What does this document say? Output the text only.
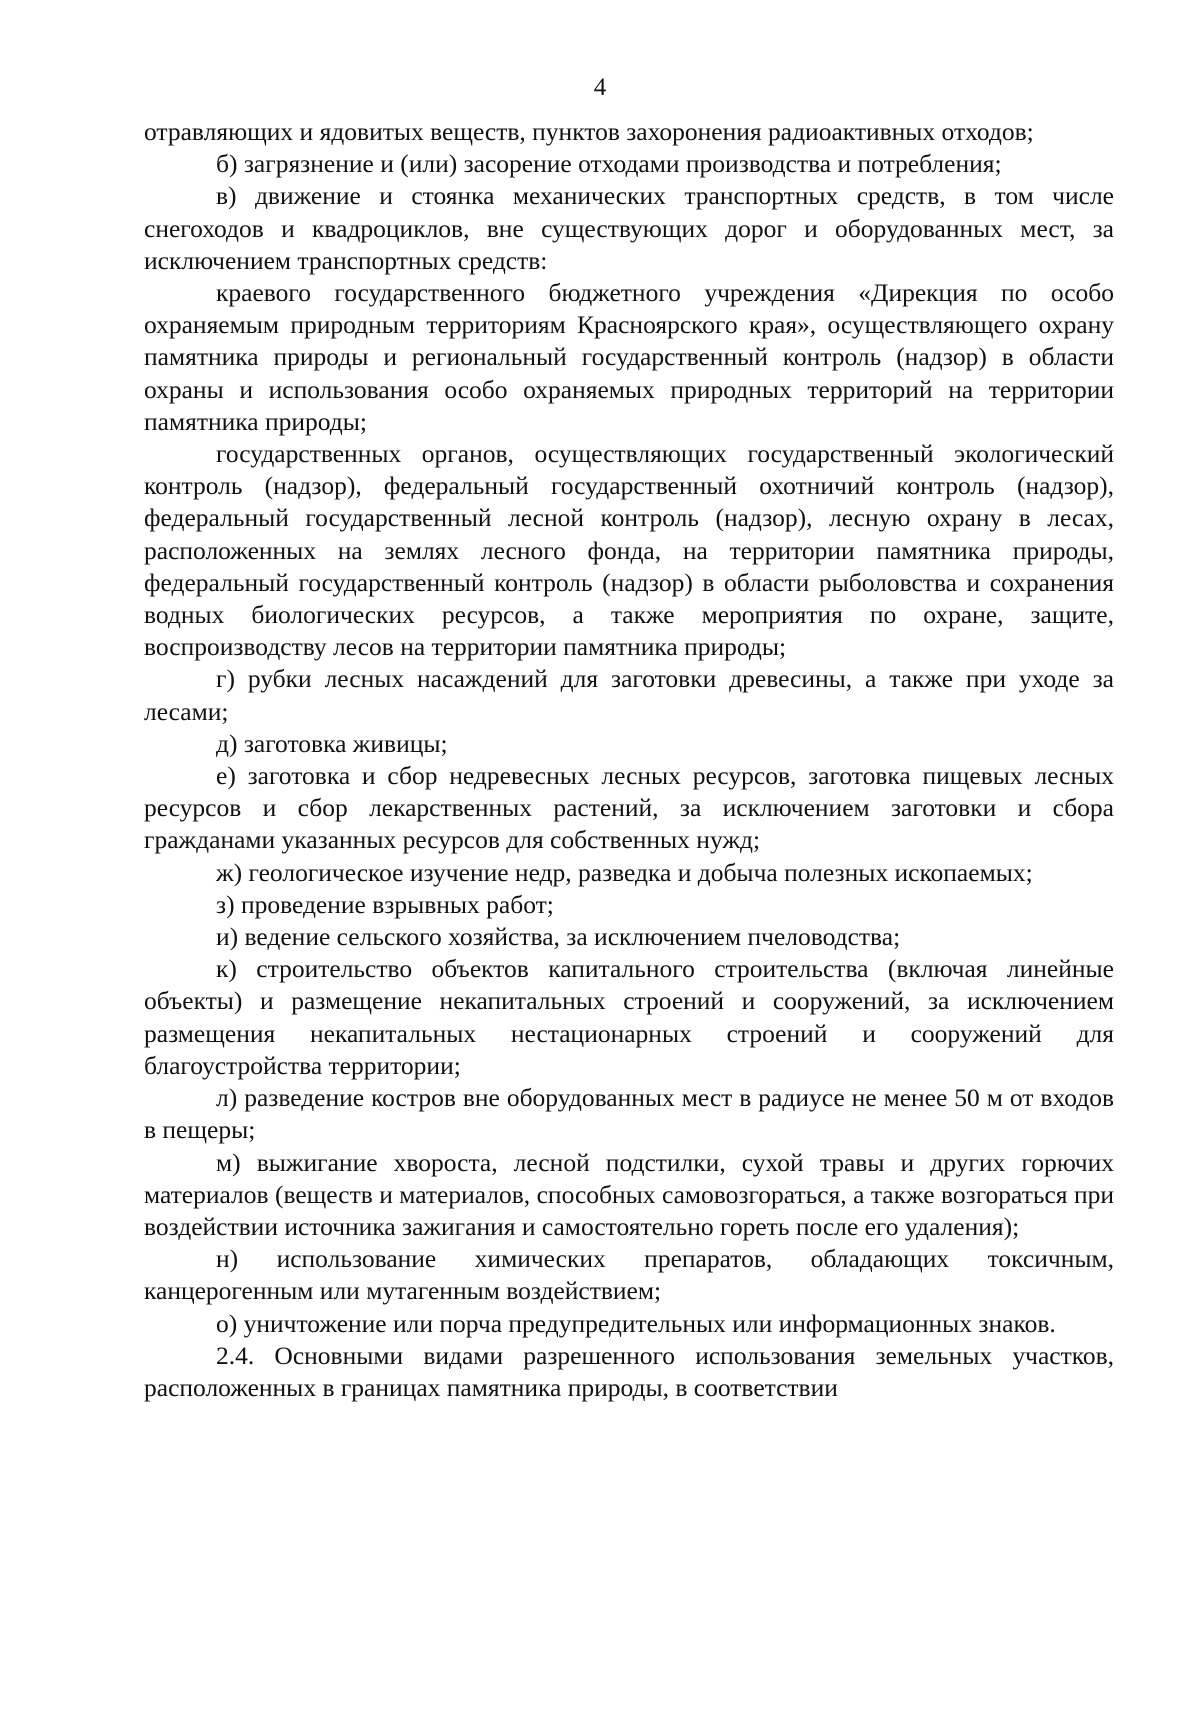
4

отравляющих и ядовитых веществ, пунктов захоронения радиоактивных отходов;

б) загрязнение и (или) засорение отходами производства и потребления;

в) движение и стоянка механических транспортных средств, в том числе снегоходов и квадроциклов, вне существующих дорог и оборудованных мест, за исключением транспортных средств:

краевого государственного бюджетного учреждения «Дирекция по особо охраняемым природным территориям Красноярского края», осуществляющего охрану памятника природы и региональный государственный контроль (надзор) в области охраны и использования особо охраняемых природных территорий на территории памятника природы;

государственных органов, осуществляющих государственный экологический контроль (надзор), федеральный государственный охотничий контроль (надзор), федеральный государственный лесной контроль (надзор), лесную охрану в лесах, расположенных на землях лесного фонда, на территории памятника природы, федеральный государственный контроль (надзор) в области рыболовства и сохранения водных биологических ресурсов, а также мероприятия по охране, защите, воспроизводству лесов на территории памятника природы;

г) рубки лесных насаждений для заготовки древесины, а также при уходе за лесами;

д) заготовка живицы;

е) заготовка и сбор недревесных лесных ресурсов, заготовка пищевых лесных ресурсов и сбор лекарственных растений, за исключением заготовки и сбора гражданами указанных ресурсов для собственных нужд;

ж) геологическое изучение недр, разведка и добыча полезных ископаемых;

з) проведение взрывных работ;

и) ведение сельского хозяйства, за исключением пчеловодства;

к) строительство объектов капитального строительства (включая линейные объекты) и размещение некапитальных строений и сооружений, за исключением размещения некапитальных нестационарных строений и сооружений для благоустройства территории;

л) разведение костров вне оборудованных мест в радиусе не менее 50 м от входов в пещеры;

м) выжигание хвороста, лесной подстилки, сухой травы и других горючих материалов (веществ и материалов, способных самовозгораться, а также возгораться при воздействии источника зажигания и самостоятельно гореть после его удаления);

н) использование химических препаратов, обладающих токсичным, канцерогенным или мутагенным воздействием;

о) уничтожение или порча предупредительных или информационных знаков.

2.4. Основными видами разрешенного использования земельных участков, расположенных в границах памятника природы, в соответствии
